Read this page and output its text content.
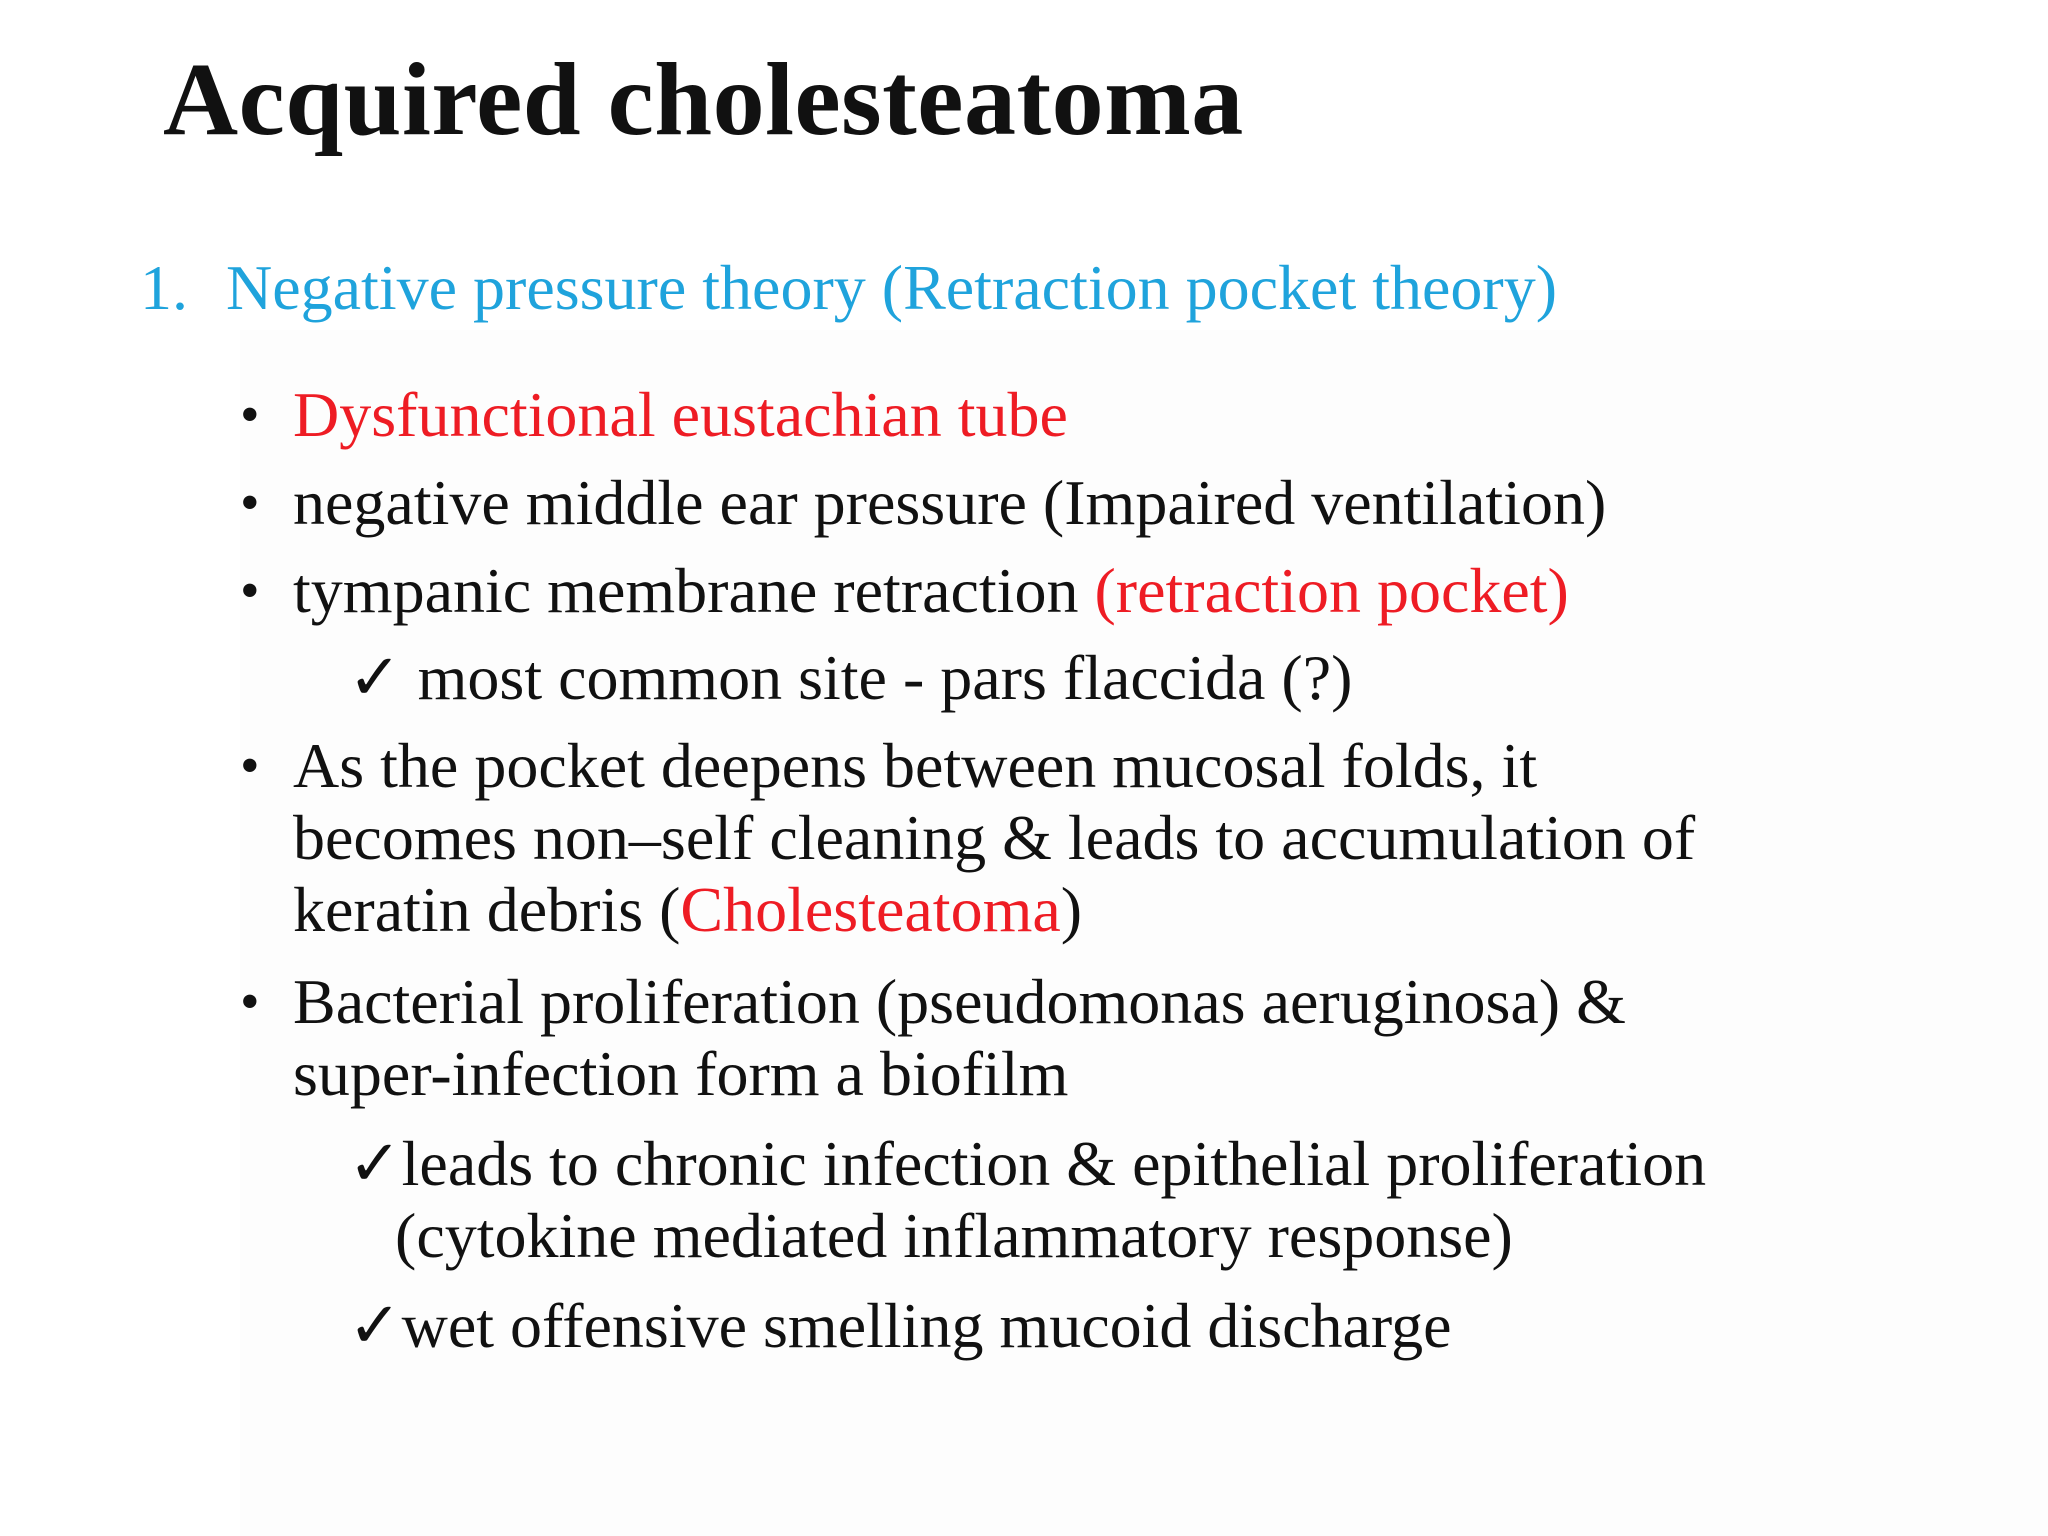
Acquired cholesteatoma

1. Negative pressure theory (Retraction pocket theory)

• Dysfunctional eustachian tube

• negative middle ear pressure (Impaired ventilation)

• tympanic membrane retraction (retraction pocket)

✓ most common site - pars flaccida (?)

• As the pocket deepens between mucosal folds, it

becomes non–self cleaning & leads to accumulation of

keratin debris (Cholesteatoma)

• Bacterial proliferation (pseudomonas aeruginosa) &

super-infection form a biofilm

✓leads to chronic infection & epithelial proliferation

(cytokine mediated inflammatory response)

✓wet offensive smelling mucoid discharge
